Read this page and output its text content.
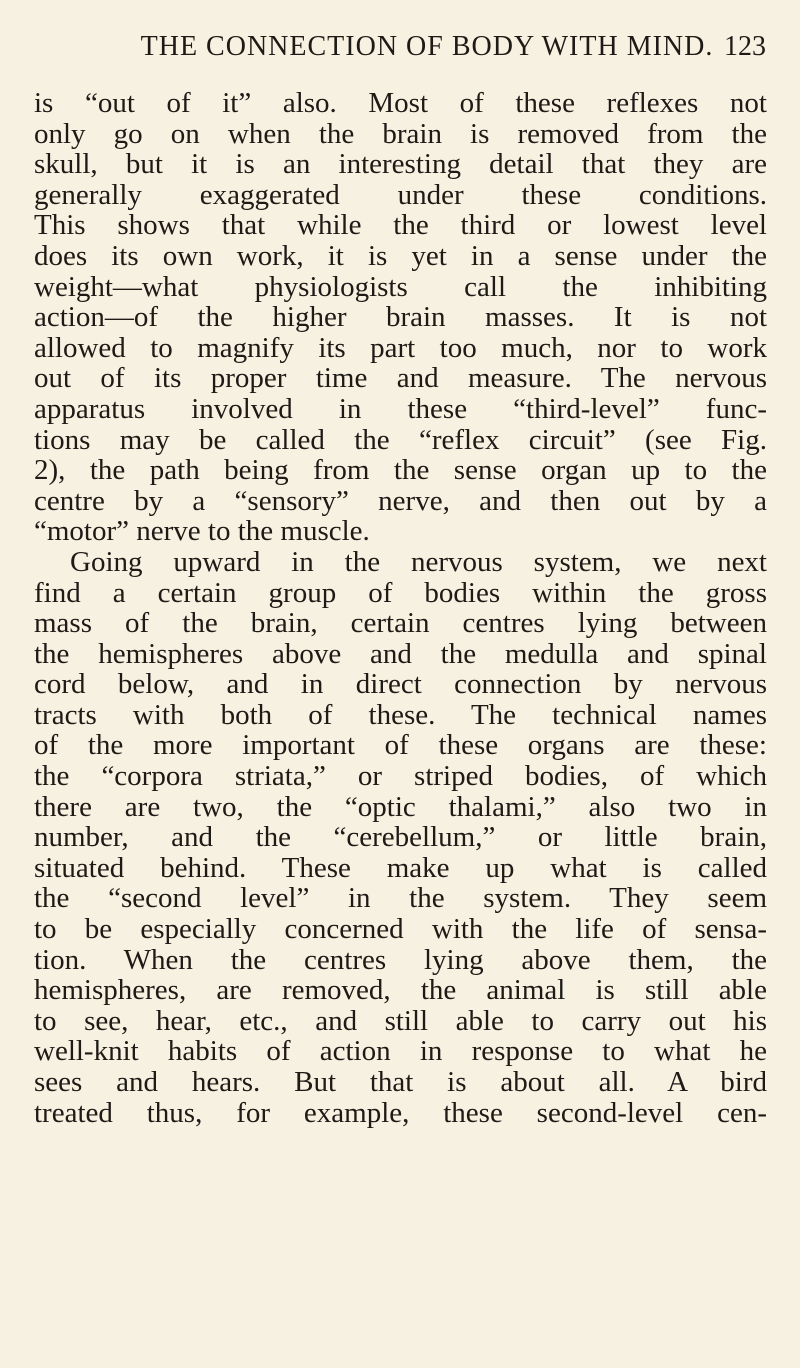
THE CONNECTION OF BODY WITH MIND. 123
is “out of it” also. Most of these reflexes not
only go on when the brain is removed from the
skull, but it is an interesting detail that they are
generally exaggerated under these conditions.
This shows that while the third or lowest level
does its own work, it is yet in a sense under the
weight—what physiologists call the inhibiting
action—of the higher brain masses. It is not
allowed to magnify its part too much, nor to work
out of its proper time and measure. The nervous
apparatus involved in these “third-level” func-
tions may be called the “reflex circuit” (see Fig.
2), the path being from the sense organ up to the
centre by a “sensory” nerve, and then out by a
“motor” nerve to the muscle.
Going upward in the nervous system, we next
find a certain group of bodies within the gross
mass of the brain, certain centres lying between
the hemispheres above and the medulla and spinal
cord below, and in direct connection by nervous
tracts with both of these. The technical names
of the more important of these organs are these:
the “corpora striata,” or striped bodies, of which
there are two, the “optic thalami,” also two in
number, and the “cerebellum,” or little brain,
situated behind. These make up what is called
the “second level” in the system. They seem
to be especially concerned with the life of sensa-
tion. When the centres lying above them, the
hemispheres, are removed, the animal is still able
to see, hear, etc., and still able to carry out his
well-knit habits of action in response to what he
sees and hears. But that is about all. A bird
treated thus, for example, these second-level cen-
